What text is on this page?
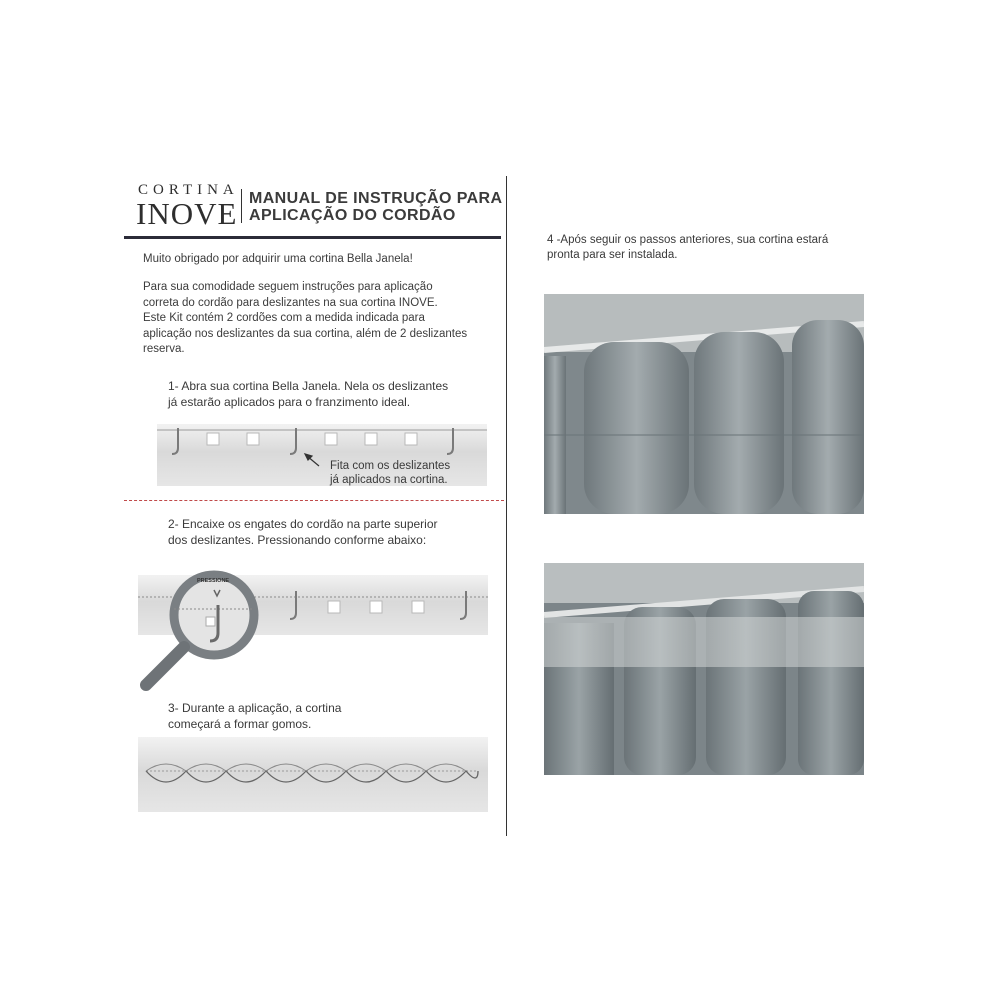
CORTINA
INOVE MANUAL DE INSTRUÇÃO PARA
APLICAÇÃO DO CORDÃO
Muito obrigado por adquirir uma cortina Bella Janela!
Para sua comodidade seguem instruções para aplicação
correta do cordão para deslizantes na sua cortina INOVE.
Este Kit contém 2 cordões com a medida indicada para
aplicação nos deslizantes da sua cortina, além de 2 deslizantes
reserva.
1- Abra sua cortina Bella Janela. Nela os deslizantes
já estarão aplicados para o franzimento ideal.
Fita com os deslizantes
já aplicados na cortina.
2- Encaixe os engates do cordão na parte superior
dos deslizantes. Pressionando conforme abaixo:
PRESSIONE
3- Durante a aplicação, a cortina
começará a formar gomos.
4 -Após seguir os passos anteriores, sua cortina estará
pronta para ser instalada.
